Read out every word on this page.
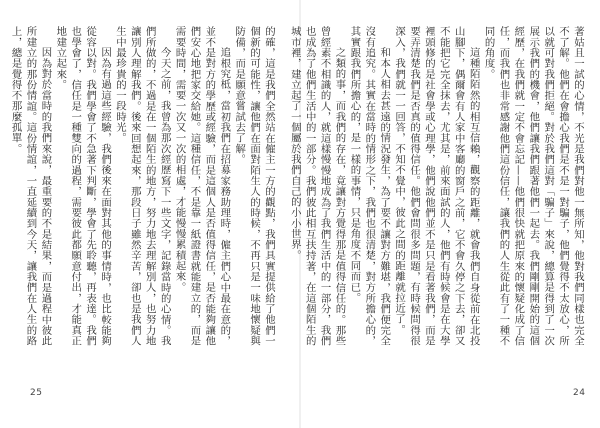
的確，這是我們全然站在僱主一方的觀點，我們具實提供給了他們一個新的可能性，讓他們在面對陌生人的時候，不再只是一味地懷疑與防備，而是願意嘗試去了解。

追根究柢，當初我們在招募家務助理時，僱主們心中最在意的，並不是對方的學歷或經驗，而是這個人是否值得信任，是否能夠讓他們安心地把家交給她。這種信任，不是靠一紙證書就能建立的，而是需要時間，需要一次又一次的相處，才能慢慢累積起來。

今天之前，我曾為那次經歷寫下一些文字，記錄當時的心情。我們所做的，不過是在一個陌生的地方，努力地去理解別人，也努力地讓別人理解我們。後來回想起來，那段日子雖然辛苦，卻也是我們人生中最珍貴的一段時光。

因為有過這些經驗，我們後來在面對其他的事情時，也比較能夠從容以對。我們學會了不急著下判斷，學會了先聆聽，再表達。我們也學會了，信任是一種雙向的過程，需要彼此都願意付出，才能真正地建立起來。

因為對於當時的我們來說，最重要的不是結果，而是過程中彼此所建立的那份情誼。這份情誼，一直延續到今天，讓我們在人生的路上，總是覺得不那麼孤單。

25

著姑且一試的心情，不光是我們對他一無所知，他對我們同樣也完全不了解。他們在會擔心我們是不是一對騙子，他們覺得不太放心，所以就可對我們拒絕。對於我們這對「騙子」來說，總算是得到了一次展示我們的機會，他們讓我們跟著他們一起去。我們剛剛開始的這個經歷，在我們就一定不會忘記——他們很快就把原來的懷疑化成了信任，而我們也非常感謝他們這份信任，讓我們的人生從此有了一種不同的角度。

這種陌陌然的相互信賴，觀察的距離，就會我們自身從前在北投山腳下，偶爾會有人家中客廳的窗戶之前，它不會久停之下去，卻又不能把它完全抹去，尤其是，前來面試的人，他們有時候會是在大學裡頭修的是社會學或心理學，他們說他們並不是只是看著我們，而是要弄清楚我們是否真的值得信任。他們會問很多問題，有時候問得很深入，我們就一一回答，不知不覺中，彼此之間的距離就拉近了。

和本人相去甚遠的情況發生，為了要不讓對方難堪，我們便完全沒有追究。其實在當時的情形之下，我們也很清楚，對方所擔心的，其實跟我們所擔心的，是一樣的事情，只是角度不同而已。

之類的事，而我們的存在，竟讓對方覺得那是值得信任的。那些曾經素不相識的人，就這樣慢慢地成為了我們生活中的一部分，我們也成為了他們生活中的一部分。我們彼此相互扶持著，在這個陌生的城市裡，建立起了一個屬於我們自己的小小世界。

24
